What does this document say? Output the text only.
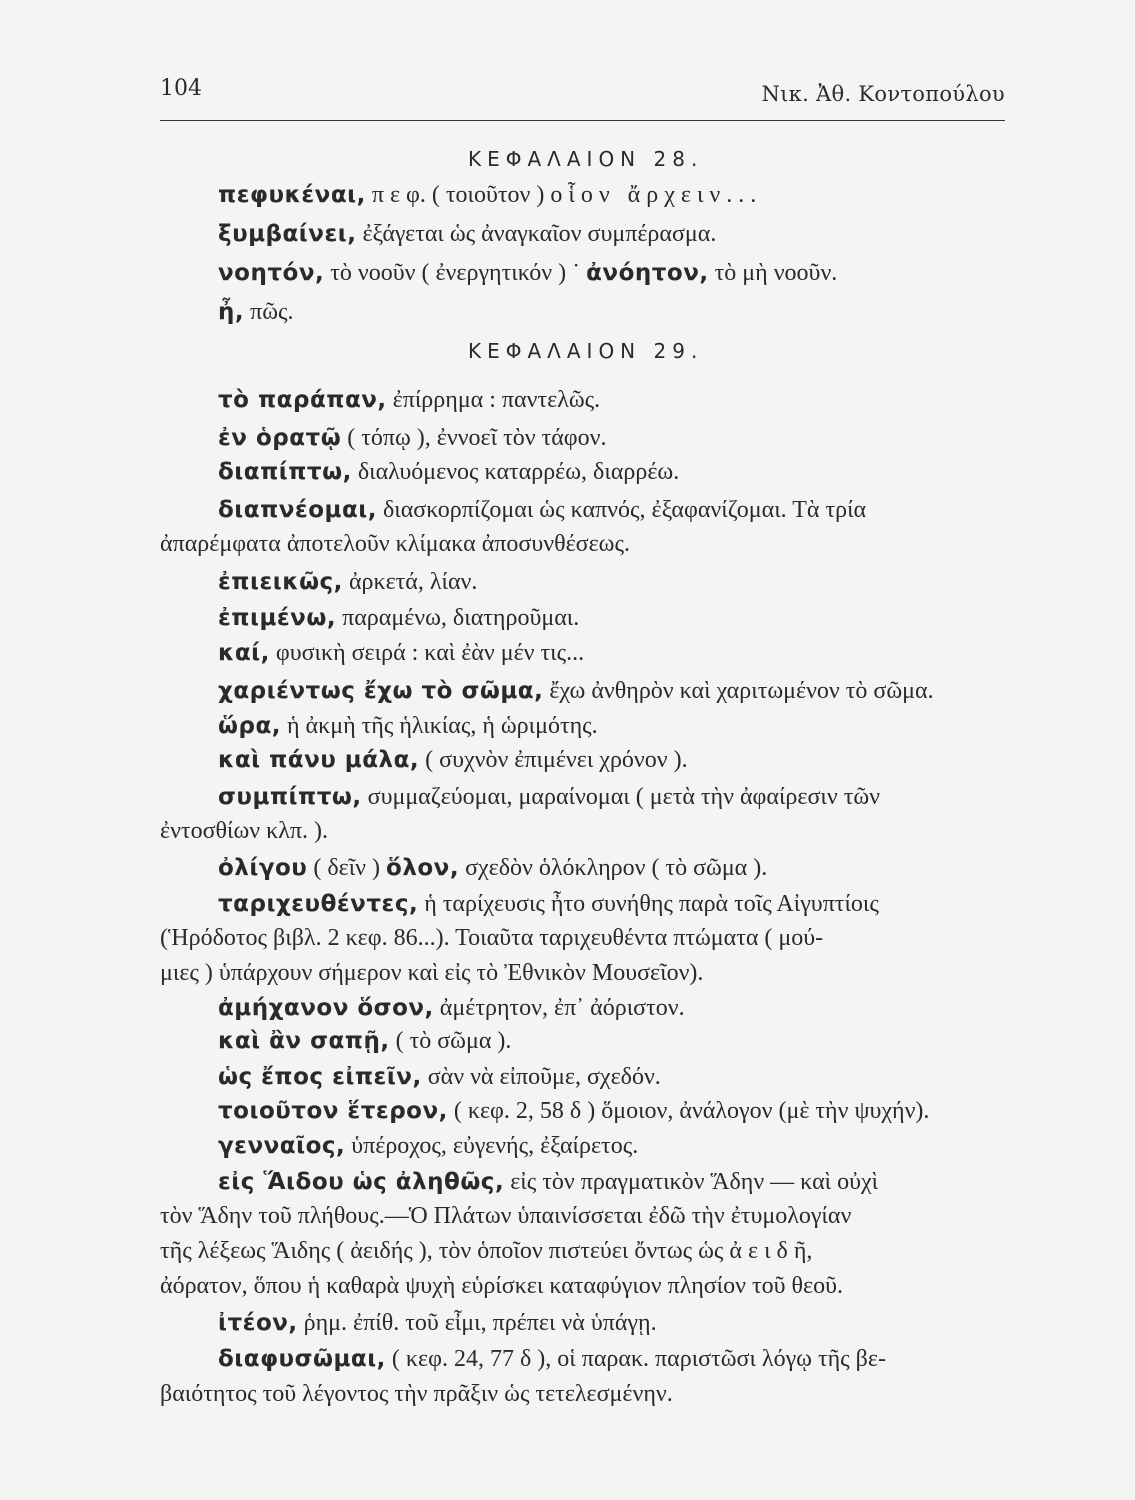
104	Νικ. Ἀθ. Κοντοπούλου
ΚΕΦΑΛΑΙΟΝ 28.
πεφυκέναι, π ε φ. ( τοιοῦτον ) οἷον ἄρχειν...
ξυμβαίνει, ἐξάγεται ὡς ἀναγκαῖον συμπέρασμα.
νοητόν, τὸ νοοῦν ( ἐνεργητικόν ) ˙ ἀνόητον, τὸ μὴ νοοῦν.
ἦ, πῶς.
ΚΕΦΑΛΑΙΟΝ 29.
τὸ παράπαν, ἐπίρρημα : παντελῶς.
ἐν ὁρατῷ ( τόπῳ ), ἐννοεῖ τὸν τάφον.
διαπίπτω, διαλυόμενος καταρρέω, διαρρέω.
διαπνέομαι, διασκορπίζομαι ὡς καπνός, ἐξαφανίζομαι. Τὰ τρία
ἀπαρέμφατα ἀποτελοῦν κλίμακα ἀποσυνθέσεως.
ἐπιεικῶς, ἀρκετά, λίαν.
ἐπιμένω, παραμένω, διατηροῦμαι.
καί, φυσικὴ σειρά : καὶ ἐὰν μέν τις...
χαριέντως ἔχω τὸ σῶμα, ἔχω ἀνθηρὸν καὶ χαριτωμένον τὸ σῶμα.
ὥρα, ἡ ἀκμὴ τῆς ἡλικίας, ἡ ὡριμότης.
καὶ πάνυ μάλα, ( συχνὸν ἐπιμένει χρόνον ).
συμπίπτω, συμμαζεύομαι, μαραίνομαι ( μετὰ τὴν ἀφαίρεσιν τῶν
ἐντοσθίων κλπ. ).
ὀλίγου ( δεῖν ) ὅλον, σχεδὸν ὁλόκληρον ( τὸ σῶμα ).
ταριχευθέντες, ἡ ταρίχευσις ἦτο συνήθης παρὰ τοῖς Αἰγυπτίοις
(Ἡρόδοτος βιβλ. 2 κεφ. 86...). Τοιαῦτα ταριχευθέντα πτώματα ( μού-
μιες ) ὑπάρχουν σήμερον καὶ εἰς τὸ Ἐθνικὸν Μουσεῖον).
ἀμήχανον ὅσον, ἀμέτρητον, ἐπ᾽ ἀόριστον.
καὶ ἂν σαπῇ, ( τὸ σῶμα ).
ὡς ἔπος εἰπεῖν, σὰν νὰ εἰποῦμε, σχεδόν.
τοιοῦτον ἕτερον, ( κεφ. 2, 58 δ ) ὅμοιον, ἀνάλογον (μὲ τὴν ψυχήν).
γενναῖος, ὑπέροχος, εὐγενής, ἐξαίρετος.
εἰς Ἅιδου ὡς ἀληθῶς, εἰς τὸν πραγματικὸν Ἅδην — καὶ οὐχὶ
τὸν Ἅδην τοῦ πλήθους.—Ὁ Πλάτων ὑπαινίσσεται ἐδῶ τὴν ἐτυμολογίαν
τῆς λέξεως Ἅιδης ( ἀειδής ), τὸν ὁποῖον πιστεύει ὄντως ὡς ἀ ε ι δ ῆ,
ἀόρατον, ὅπου ἡ καθαρὰ ψυχὴ εὑρίσκει καταφύγιον πλησίον τοῦ θεοῦ.
ἰτέον, ῥημ. ἐπίθ. τοῦ εἶμι, πρέπει νὰ ὑπάγῃ.
διαφυσῶμαι, ( κεφ. 24, 77 δ ), οἱ παρακ. παριστῶσι λόγῳ τῆς βε-
βαιότητος τοῦ λέγοντος τὴν πρᾶξιν ὡς τετελεσμένην.
